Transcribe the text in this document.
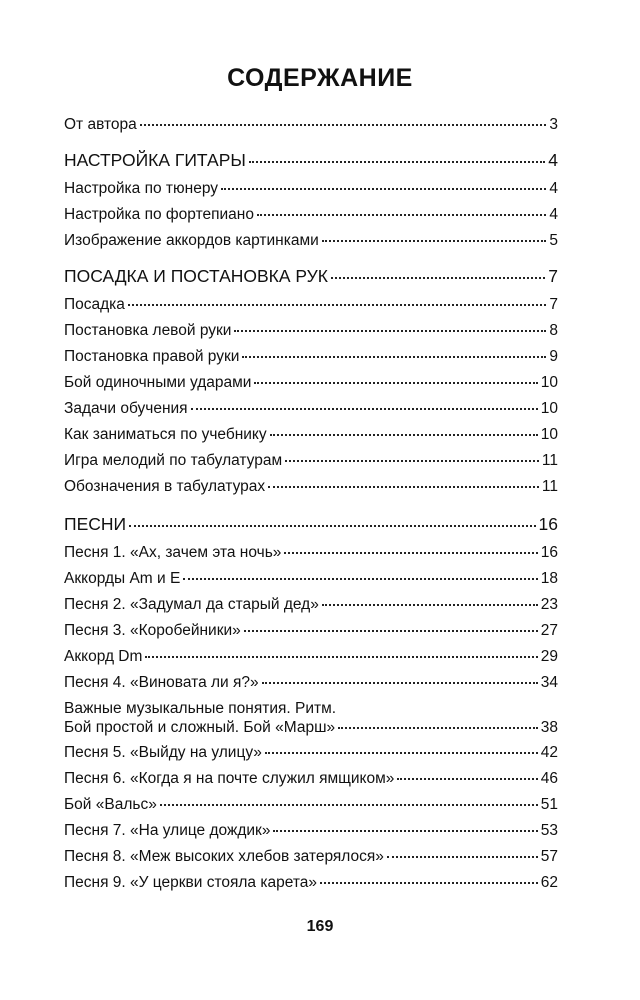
СОДЕРЖАНИЕ
От автора	3
НАСТРОЙКА ГИТАРЫ	4
Настройка по тюнеру	4
Настройка по фортепиано	4
Изображение аккордов картинками	5
ПОСАДКА И ПОСТАНОВКА РУК	7
Посадка	7
Постановка левой руки	8
Постановка правой руки	9
Бой одиночными ударами	10
Задачи обучения	10
Как заниматься по учебнику	10
Игра мелодий по табулатурам	11
Обозначения в табулатурах	11
ПЕСНИ	16
Песня 1. «Ах, зачем эта ночь»	16
Аккорды Am и E	18
Песня 2. «Задумал да старый дед»	23
Песня 3. «Коробейники»	27
Аккорд Dm	29
Песня 4. «Виновата ли я?»	34
Важные музыкальные понятия. Ритм.
Бой простой и сложный. Бой «Марш»	38
Песня 5. «Выйду на улицу»	42
Песня 6. «Когда я на почте служил ямщиком»	46
Бой «Вальс»	51
Песня 7. «На улице дождик»	53
Песня 8. «Меж высоких хлебов затерялося»	57
Песня 9. «У церкви стояла карета»	62
169
